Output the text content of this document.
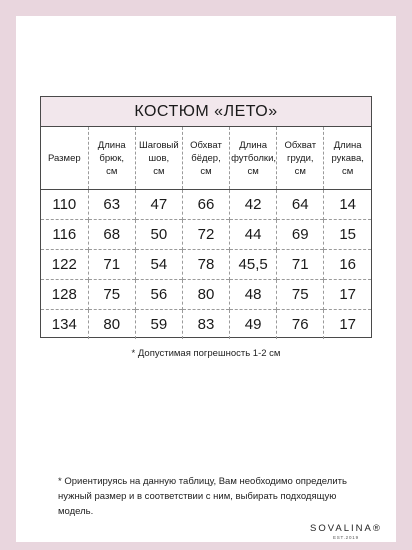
КОСТЮМ «ЛЕТО»
Размер	Длина
брюк,
см	Шаговый
шов,
см	Обхват
бёдер,
см	Длина
футболки,
см	Обхват
груди,
см	Длина
рукава,
см

110	63	47	66	42	64	14
116	68	50	72	44	69	15
122	71	54	78	45,5	71	16
128	75	56	80	48	75	17
134	80	59	83	49	76	17
* Допустимая погрешность 1-2 см
* Ориентируясь на данную таблицу, Вам необходимо определить нужный размер и в соответствии с ним, выбирать подходящую модель.
SOVALINA®
EST.2019
